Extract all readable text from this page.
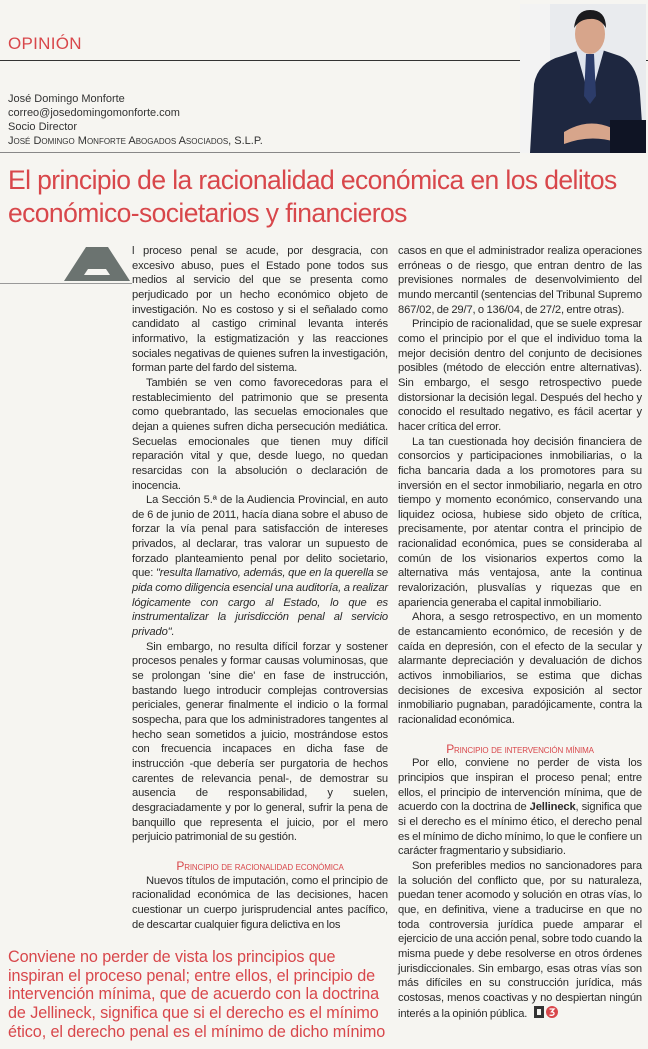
OPINIÓN
José Domingo Monforte
correo@josedomingomonforte.com
Socio Director
José Domingo Monforte Abogados Asociados, S.L.P.
El principio de la racionalidad económica en los delitos económico-societarios y financieros

l proceso penal se acude, por desgracia, con excesivo abuso, pues el Estado pone todos sus medios al servicio del que se presenta como perjudicado por un hecho económico objeto de investigación. No es costoso y si el señalado como candidato al castigo criminal levanta interés informativo, la estigmatización y las reacciones sociales negativas de quienes sufren la investigación, forman parte del fardo del sistema.

También se ven como favorecedoras para el restablecimiento del patrimonio que se presenta como quebrantado, las secuelas emocionales que dejan a quienes sufren dicha persecución mediática. Secuelas emocionales que tienen muy difícil reparación vital y que, desde luego, no quedan resarcidas con la absolución o declaración de inocencia.

La Sección 5.ª de la Audiencia Provincial, en auto de 6 de junio de 2011, hacía diana sobre el abuso de forzar la vía penal para satisfacción de intereses privados, al declarar, tras valorar un supuesto de forzado planteamiento penal por delito societario, que: "resulta llamativo, además, que en la querella se pida como diligencia esencial una auditoría, a realizar lógicamente con cargo al Estado, lo que es instrumentalizar la jurisdicción penal al servicio privado".

Sin embargo, no resulta difícil forzar y sostener procesos penales y formar causas voluminosas, que se prolongan 'sine die' en fase de instrucción, bastando luego introducir complejas controversias periciales, generar finalmente el indicio o la formal sospecha, para que los administradores tangentes al hecho sean sometidos a juicio, mostrándose estos con frecuencia incapaces en dicha fase de instrucción -que debería ser purgatoria de hechos carentes de relevancia penal-, de demostrar su ausencia de responsabilidad, y suelen, desgraciadamente y por lo general, sufrir la pena de banquillo que representa el juicio, por el mero perjuicio patrimonial de su gestión.

Principio de racionalidad económica

Nuevos títulos de imputación, como el principio de racionalidad económica de las decisiones, hacen cuestionar un cuerpo jurisprudencial antes pacífico, de descartar cualquier figura delictiva en los

Conviene no perder de vista los principios que inspiran el proceso penal; entre ellos, el principio de intervención mínima, que de acuerdo con la doctrina de Jellineck, significa que si el derecho es el mínimo ético, el derecho penal es el mínimo de dicho mínimo

casos en que el administrador realiza operaciones erróneas o de riesgo, que entran dentro de las previsiones normales de desenvolvimiento del mundo mercantil (sentencias del Tribunal Supremo 867/02, de 29/7, o 136/04, de 27/2, entre otras).

Principio de racionalidad, que se suele expresar como el principio por el que el individuo toma la mejor decisión dentro del conjunto de decisiones posibles (método de elección entre alternativas). Sin embargo, el sesgo retrospectivo puede distorsionar la decisión legal. Después del hecho y conocido el resultado negativo, es fácil acertar y hacer crítica del error.

La tan cuestionada hoy decisión financiera de consorcios y participaciones inmobiliarias, o la ficha bancaria dada a los promotores para su inversión en el sector inmobiliario, negarla en otro tiempo y momento económico, conservando una liquidez ociosa, hubiese sido objeto de crítica, precisamente, por atentar contra el principio de racionalidad económica, pues se consideraba al común de los visionarios expertos como la alternativa más ventajosa, ante la continua revalorización, plusvalías y riquezas que en apariencia generaba el capital inmobiliario.

Ahora, a sesgo retrospectivo, en un momento de estancamiento económico, de recesión y de caída en depresión, con el efecto de la secular y alarmante depreciación y devaluación de dichos activos inmobiliarios, se estima que dichas decisiones de excesiva exposición al sector inmobiliario pugnaban, paradójicamente, contra la racionalidad económica.

Principio de intervención mínima

Por ello, conviene no perder de vista los principios que inspiran el proceso penal; entre ellos, el principio de intervención mínima, que de acuerdo con la doctrina de Jellineck, significa que si el derecho es el mínimo ético, el derecho penal es el mínimo de dicho mínimo, lo que le confiere un carácter fragmentario y subsidiario.

Son preferibles medios no sancionadores para la solución del conflicto que, por su naturaleza, puedan tener acomodo y solución en otras vías, lo que, en definitiva, viene a traducirse en que no toda controversia jurídica puede amparar el ejercicio de una acción penal, sobre todo cuando la misma puede y debe resolverse en otros órdenes jurisdiccionales. Sin embargo, esas otras vías son más difíciles en su construcción jurídica, más costosas, menos coactivas y no despiertan ningún interés a la opinión pública.
